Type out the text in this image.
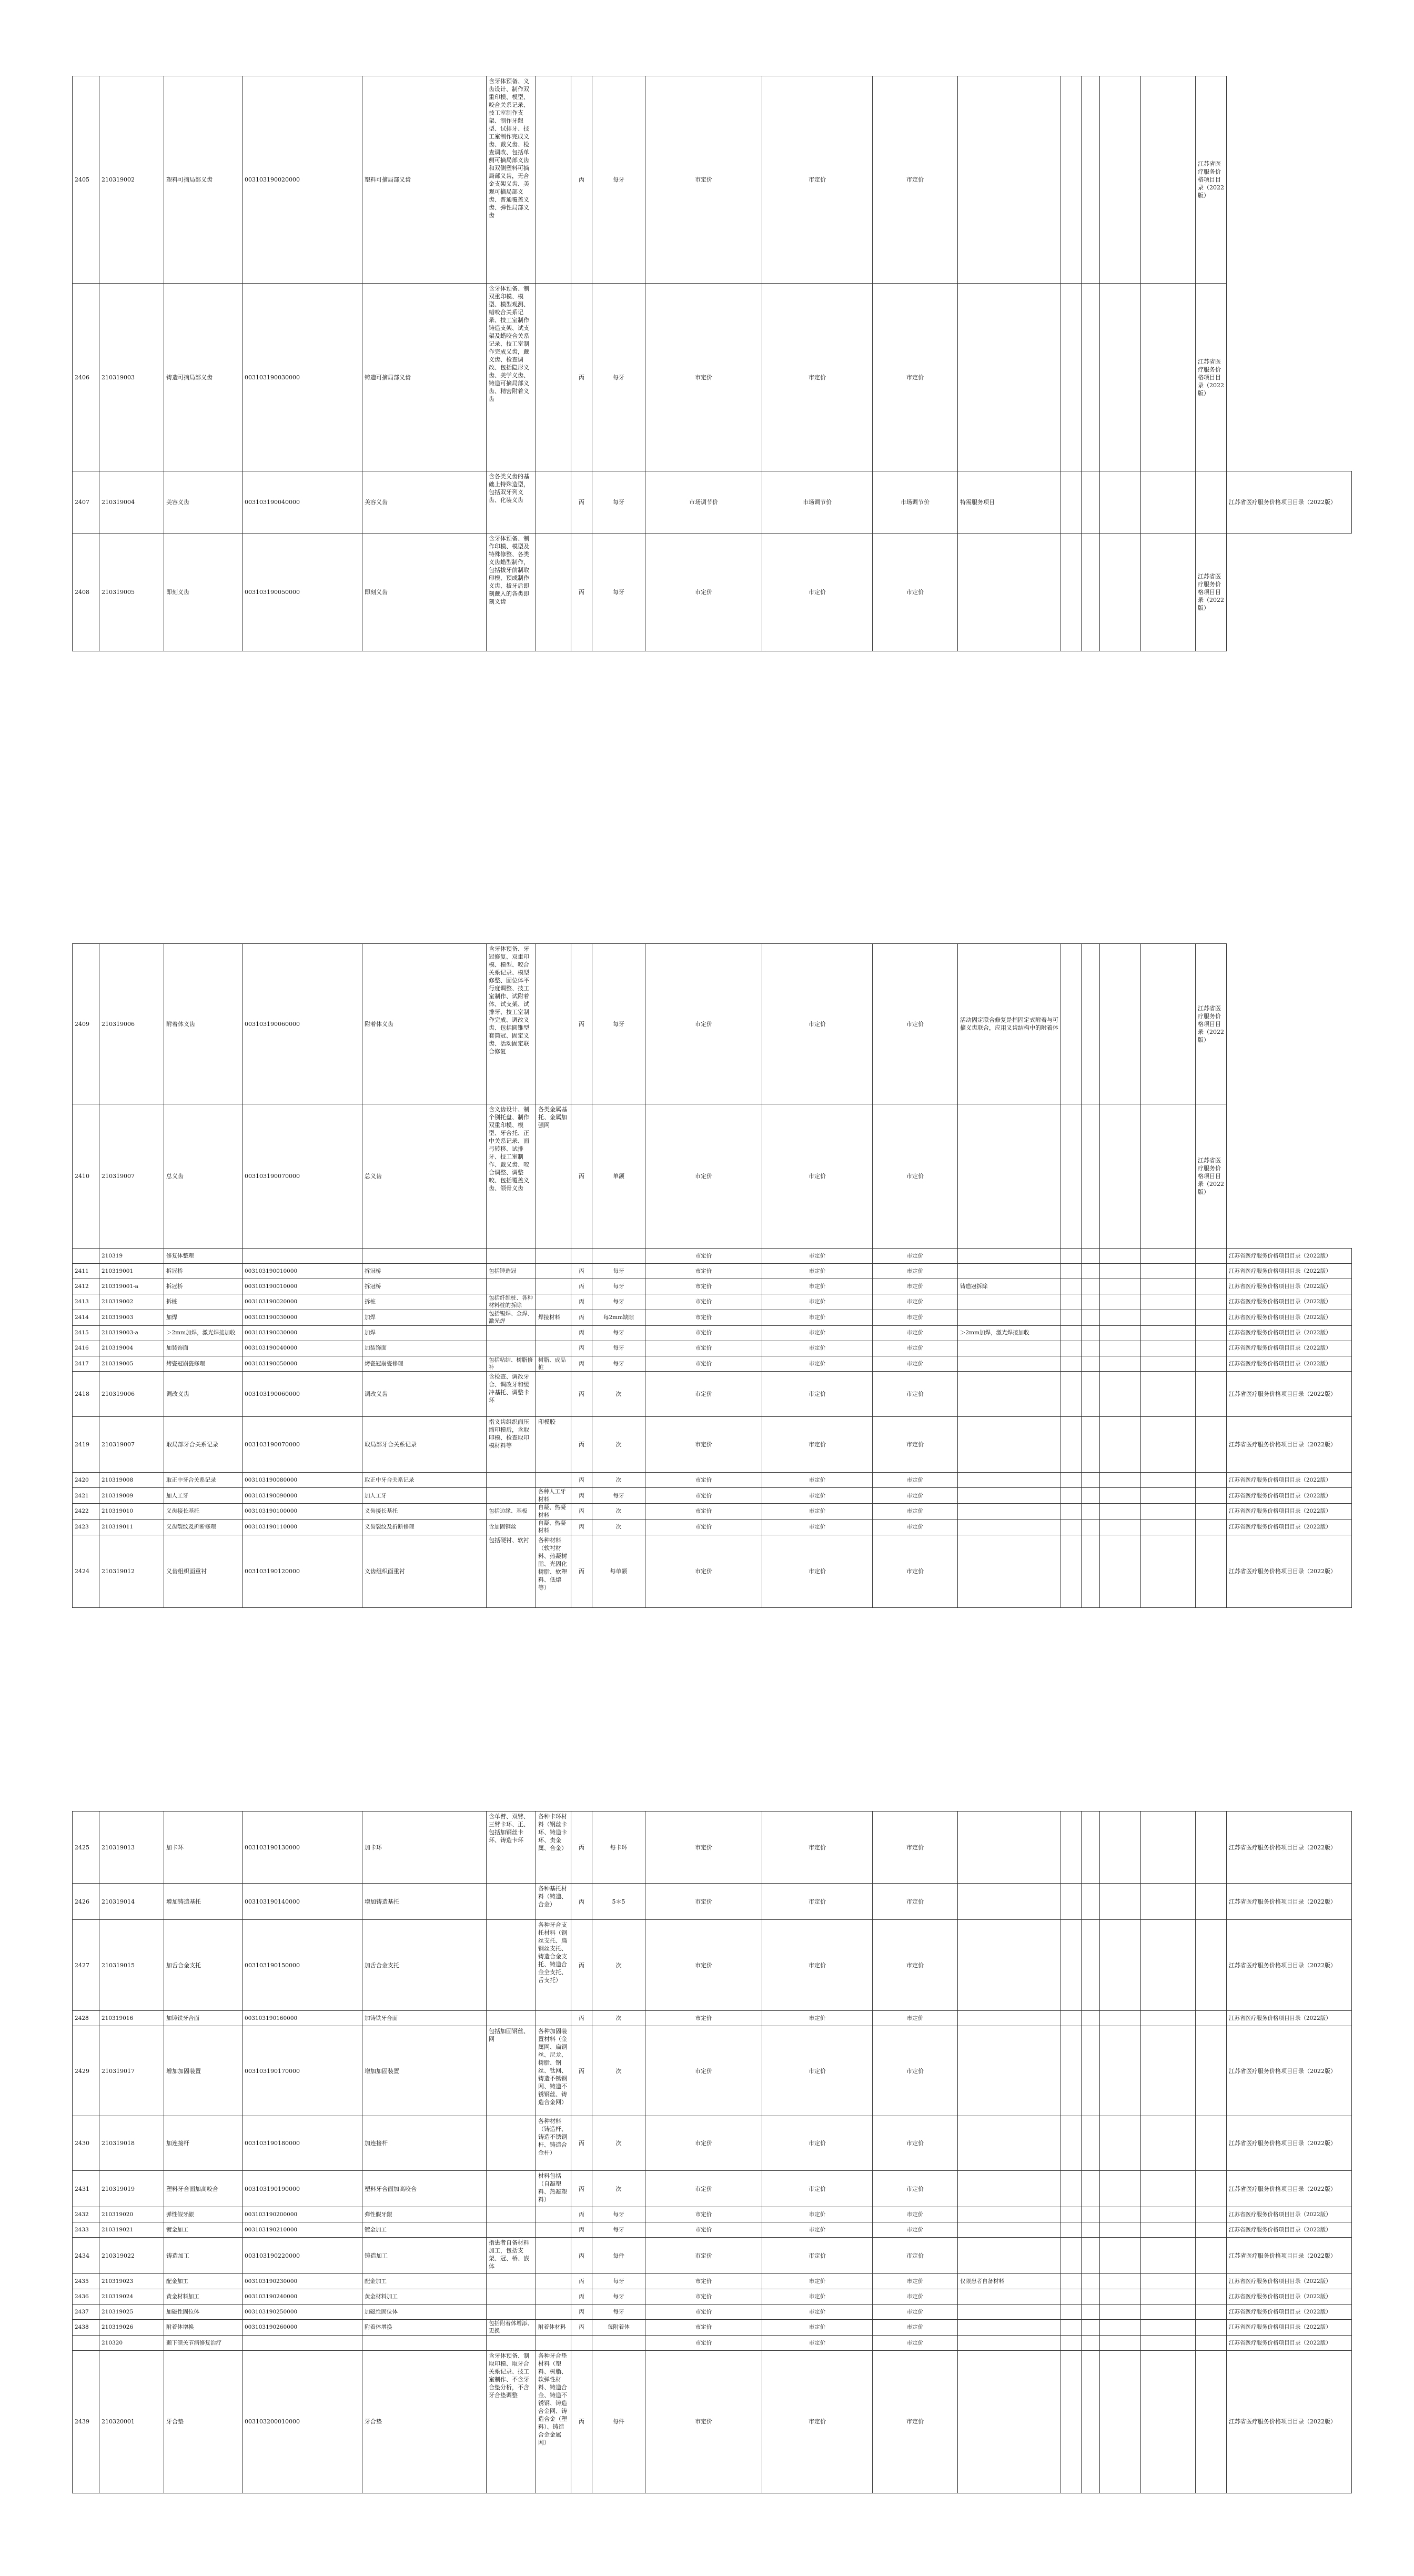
2405	210319002	塑料可摘局部义齿	003103190020000	塑料可摘局部义齿	含牙体预备、义齿设计、制作双重印模、模型、咬合关系记录、技工室制作支架、制作牙龈型、试排牙、技工室制作完成义齿、戴义齿、检查调改、包括单侧可摘局部义齿和双侧塑料可摘局部义齿，无合金支架义齿、美观可摘局部义齿、普通覆盖义齿、弹性局部义齿		丙	每牙	市定价	市定价	市定价						江苏省医疗服务价格项目目录（2022版）	
2406	210319003	铸造可摘局部义齿	003103190030000	铸造可摘局部义齿	含牙体预备、制双重印模、模型、模型观测、蜡咬合关系记录、技工室制作铸造支架、试支架及蜡咬合关系记录、技工室制作完成义齿，戴义齿、检查调改、包括隐形义齿、美学义齿、铸造可摘局部义齿、精密附着义齿		丙	每牙	市定价	市定价	市定价						江苏省医疗服务价格项目目录（2022版）	
2407	210319004	美容义齿	003103190040000	美容义齿	含各类义齿的基础上特殊造型，包括双牙列义齿、化装义齿		丙	每牙	市场调节价	市场调节价	市场调节价	特需服务项目						江苏省医疗服务价格项目目录（2022版）
2408	210319005	即刻义齿	003103190050000	即刻义齿	含牙体预备、制作印模、模型及特殊修整、各类义齿蜡型制作，包括拔牙前制取印模、预成制作义齿、拔牙后即刻戴入的各类即刻义齿		丙	每牙	市定价	市定价	市定价						江苏省医疗服务价格项目目录（2022版）	
2409	210319006	附着体义齿	003103190060000	附着体义齿	含牙体预备、牙冠修复、双重印模、模型、咬合关系记录、模型修整、固位体平行度调整、技工室制作、试附着体、试支架、试排牙、技工室制作完成、调改义齿、包括圆锥型套筒冠、固定义齿、活动固定联合修复		丙	每牙	市定价	市定价	市定价	活动固定联合修复是指固定式附着与可摘义齿联合，应用义齿结构中的附着体					江苏省医疗服务价格项目目录（2022版）	
2410	210319007	总义齿	003103190070000	总义齿	含义齿设计、制个别托盘、制作双重印模、模型、牙合托、正中关系记录、面弓转移、试排牙、技工室制作、戴义齿、咬合调整、调整咬、包括覆盖义齿、颌骨义齿	各类金属基托、金属加强网	丙	单颌	市定价	市定价	市定价						江苏省医疗服务价格项目目录（2022版）	
	210319	修复体整理							市定价	市定价	市定价							江苏省医疗服务价格项目目录（2022版）
2411	210319001	拆冠桥	003103190010000	拆冠桥	包括锤造冠		丙	每牙	市定价	市定价	市定价							江苏省医疗服务价格项目目录（2022版）
2412	210319001-a	拆冠桥	003103190010000	拆冠桥			丙	每牙	市定价	市定价	市定价	铸造冠拆除						江苏省医疗服务价格项目目录（2022版）
2413	210319002	拆桩	003103190020000	拆桩	包括纤维桩、各种材料桩的拆除		丙	每牙	市定价	市定价	市定价							江苏省医疗服务价格项目目录（2022版）
2414	210319003	加焊	003103190030000	加焊	包括锡焊、金焊、激光焊	焊接材料	丙	每2mm缺隙	市定价	市定价	市定价							江苏省医疗服务价格项目目录（2022版）
2415	210319003-a	＞2mm加焊，激光焊接加收	003103190030000	加焊			丙	每牙	市定价	市定价	市定价	＞2mm加焊，激光焊接加收						江苏省医疗服务价格项目目录（2022版）
2416	210319004	加装饰面	003103190040000	加装饰面			丙	每牙	市定价	市定价	市定价							江苏省医疗服务价格项目目录（2022版）
2417	210319005	烤瓷冠崩瓷修理	003103190050000	烤瓷冠崩瓷修理	包括粘结、树脂修补	树脂、成品桩	丙	每牙	市定价	市定价	市定价							江苏省医疗服务价格项目目录（2022版）
2418	210319006	调改义齿	003103190060000	调改义齿	含检查、调改牙合、调改牙和缓冲基托、调整卡环		丙	次	市定价	市定价	市定价							江苏省医疗服务价格项目目录（2022版）
2419	210319007	取局部牙合关系记录	003103190070000	取局部牙合关系记录	指义齿组织面压缩印模后，含取印模、检查取印模材料等	印模胶	丙	次	市定价	市定价	市定价							江苏省医疗服务价格项目目录（2022版）
2420	210319008	取正中牙合关系记录	003103190080000	取正中牙合关系记录			丙	次	市定价	市定价	市定价							江苏省医疗服务价格项目目录（2022版）
2421	210319009	加人工牙	003103190090000	加人工牙		各种人工牙材料	丙	每牙	市定价	市定价	市定价							江苏省医疗服务价格项目目录（2022版）
2422	210319010	义齿接长基托	003103190100000	义齿接长基托	包括边缘、基板	自凝、热凝材料	丙	次	市定价	市定价	市定价							江苏省医疗服务价格项目目录（2022版）
2423	210319011	义齿裂纹及折断修理	003103190110000	义齿裂纹及折断修理	含加固钢丝	自凝、热凝材料	丙	次	市定价	市定价	市定价							江苏省医疗服务价格项目目录（2022版）
2424	210319012	义齿组织面重衬	003103190120000	义齿组织面重衬	包括硬衬、软衬	各种材料（软衬材料、热凝树脂、光固化树脂、软塑料、低熔等）	丙	每单颌	市定价	市定价	市定价							江苏省医疗服务价格项目目录（2022版）
2425	210319013	加卡环	003103190130000	加卡环	含单臂、双臂、三臂卡环、正、包括加钢丝卡环、铸造卡环	各种卡环材料（钢丝卡环、铸造卡环、贵金属、合金）	丙	每卡环	市定价	市定价	市定价							江苏省医疗服务价格项目目录（2022版）
2426	210319014	增加铸造基托	003103190140000	增加铸造基托		各种基托材料（铸造、合金）	丙	5＊5	市定价	市定价	市定价							江苏省医疗服务价格项目目录（2022版）
2427	210319015	加舌合金支托	003103190150000	加舌合金支托		各种牙合支托材料（钢丝支托、扁钢丝支托、铸造合金支托、铸造合金全支托、舌支托）	丙	次	市定价	市定价	市定价							江苏省医疗服务价格项目目录（2022版）
2428	210319016	加铸铁牙合面	003103190160000	加铸铁牙合面			丙	次	市定价	市定价	市定价							江苏省医疗服务价格项目目录（2022版）
2429	210319017	增加加固装置	003103190170000	增加加固装置	包括加固钢丝、网	各种加固装置材料（金属网、扁钢丝、尼龙、树脂、钢丝、钛网、铸造不锈钢网、铸造不锈钢丝、铸造合金网）	丙	次	市定价	市定价	市定价							江苏省医疗服务价格项目目录（2022版）
2430	210319018	加连接杆	003103190180000	加连接杆		各种材料（铸造杆、铸造不锈钢杆、铸造合金杆）	丙	次	市定价	市定价	市定价							江苏省医疗服务价格项目目录（2022版）
2431	210319019	塑料牙合面加高咬合	003103190190000	塑料牙合面加高咬合		材料包括（自凝塑料、热凝塑料）	丙	次	市定价	市定价	市定价							江苏省医疗服务价格项目目录（2022版）
2432	210319020	弹性假牙龈	003103190200000	弹性假牙龈			丙	每牙	市定价	市定价	市定价							江苏省医疗服务价格项目目录（2022版）
2433	210319021	镀金加工	003103190210000	镀金加工			丙	每牙	市定价	市定价	市定价							江苏省医疗服务价格项目目录（2022版）
2434	210319022	铸造加工	003103190220000	铸造加工	指患者自备材料加工，包括支架、冠、桥、嵌体		丙	每件	市定价	市定价	市定价							江苏省医疗服务价格项目目录（2022版）
2435	210319023	配金加工	003103190230000	配金加工			丙	每牙	市定价	市定价	市定价	仅限患者自备材料						江苏省医疗服务价格项目目录（2022版）
2436	210319024	黄金材料加工	003103190240000	黄金材料加工			丙	每牙	市定价	市定价	市定价							江苏省医疗服务价格项目目录（2022版）
2437	210319025	加磁性固位体	003103190250000	加磁性固位体			丙	每牙	市定价	市定价	市定价							江苏省医疗服务价格项目目录（2022版）
2438	210319026	附着体增换	003103190260000	附着体增换	包括附着体增添、更换	附着体材料	丙	每附着体	市定价	市定价	市定价							江苏省医疗服务价格项目目录（2022版）
	210320	颞下颌关节病修复治疗							市定价	市定价	市定价							江苏省医疗服务价格项目目录（2022版）
2439	210320001	牙合垫	003103200010000	牙合垫	含牙体预备、制取印模、取牙合关系记录、技工室制作、不含牙合垫分析，不含牙合垫调整	各种牙合垫材料（塑料、树脂、软弹性材料、铸造合金、铸造不锈钢、铸造合金网、铸造合金（塑料）、铸造合金金属网）	丙	每件	市定价	市定价	市定价							江苏省医疗服务价格项目目录（2022版）
